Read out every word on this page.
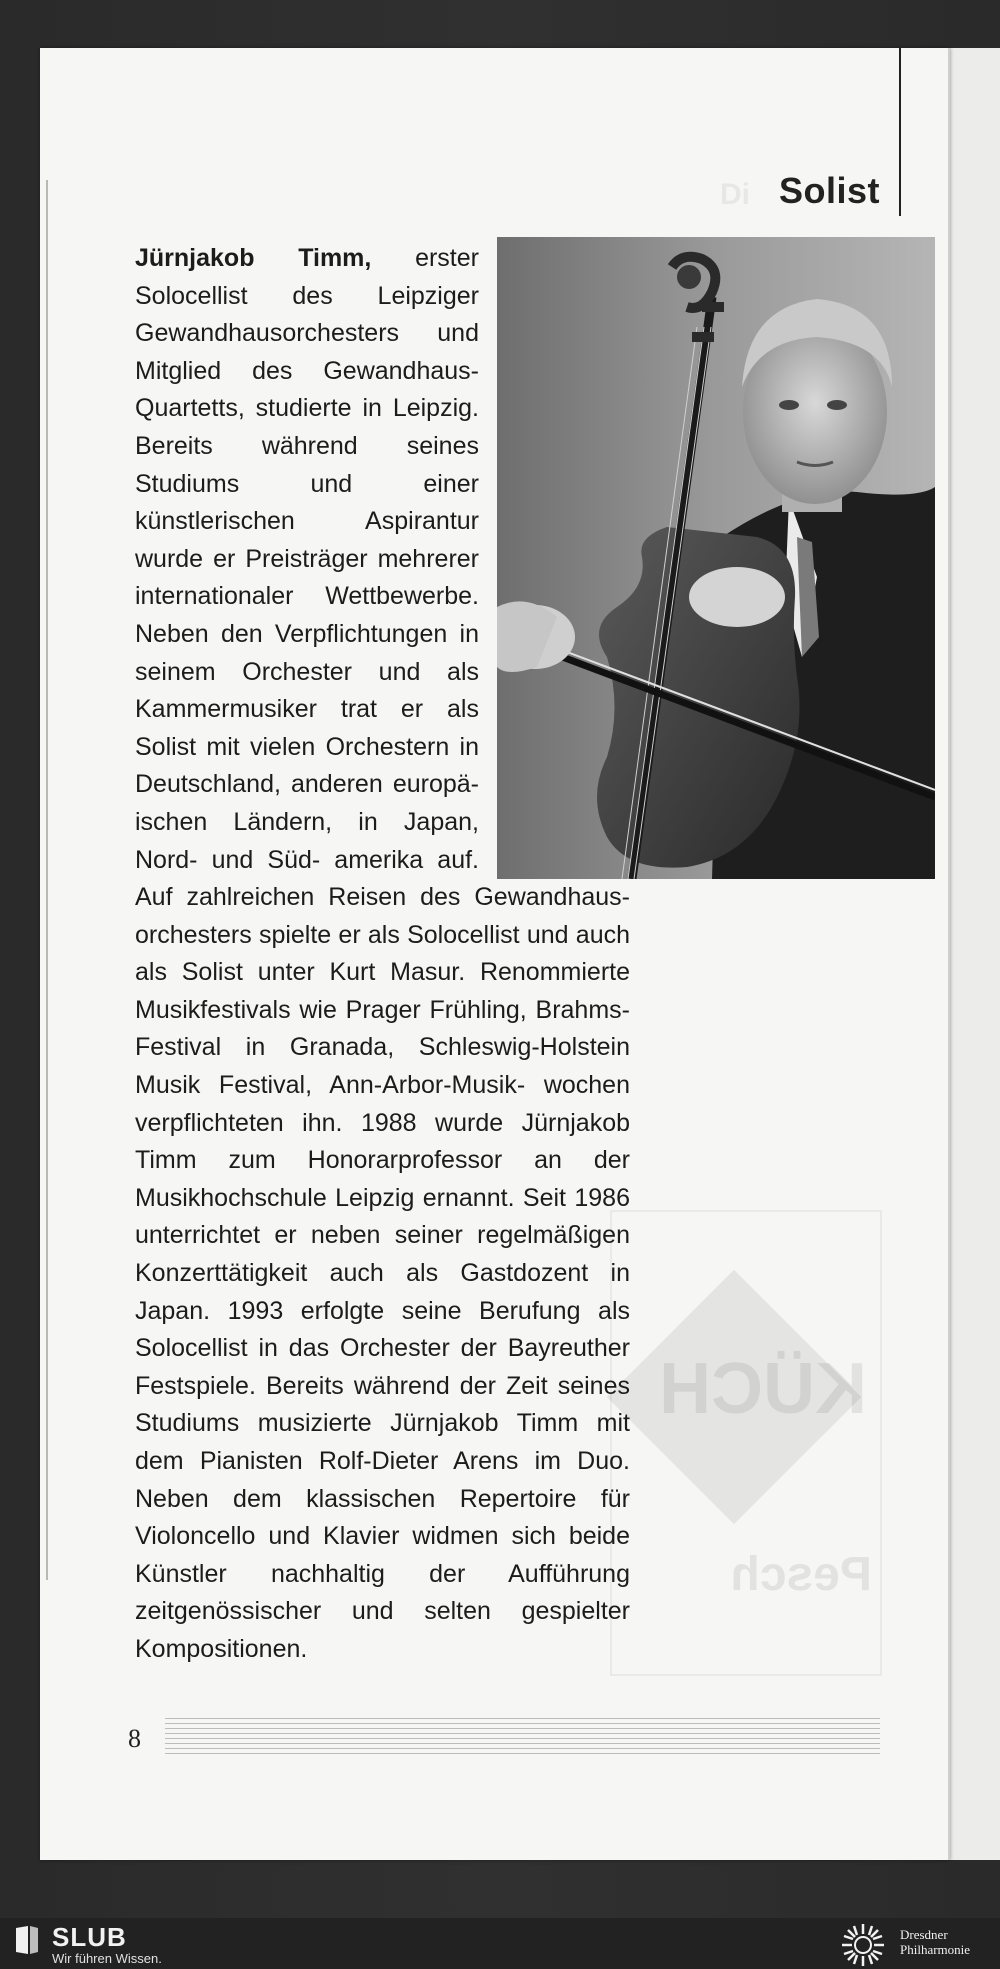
Di Solist
KÜCH
Pesch
Jürnjakob Timm, erster Solocellist des Leipziger Gewandhausorchesters und Mitglied des Gewandhaus-Quartetts, studierte in Leipzig. Bereits während seines Studiums und einer künstlerischen Aspirantur wurde er Preisträger mehrerer internationaler Wettbewerbe. Neben den Verpflichtungen in seinem Orchester und als Kammermusiker trat er als Solist mit vielen Orchestern in Deutschland, anderen europäischen Ländern, in Japan, Nord- und Süd- amerika auf. Auf zahlreichen Reisen des Gewandhausorchesters spielte er als Solocellist und auch als Solist unter Kurt Masur. Renommierte Musikfestivals wie Prager Frühling, Brahms-Festival in Granada, Schleswig-Holstein Musik Festival, Ann-Arbor-Musik- wochen verpflichteten ihn. 1988 wurde Jürnjakob Timm zum Honorarprofessor an der Musikhochschule Leipzig ernannt. Seit 1986 unterrichtet er neben seiner regelmäßigen Konzerttätigkeit auch als Gastdozent in Japan. 1993 erfolgte seine Berufung als Solocellist in das Orchester der Bayreuther Festspiele. Bereits während der Zeit seines Studiums musizierte Jürnjakob Timm mit dem Pianisten Rolf-Dieter Arens im Duo. Neben dem klassischen Repertoire für Violoncello und Klavier widmen sich beide Künstler nachhaltig der Aufführung zeitgenössischer und selten gespielter Kompositionen.
8
SLUB
Wir führen Wissen.
Dresdner
Philharmonie
